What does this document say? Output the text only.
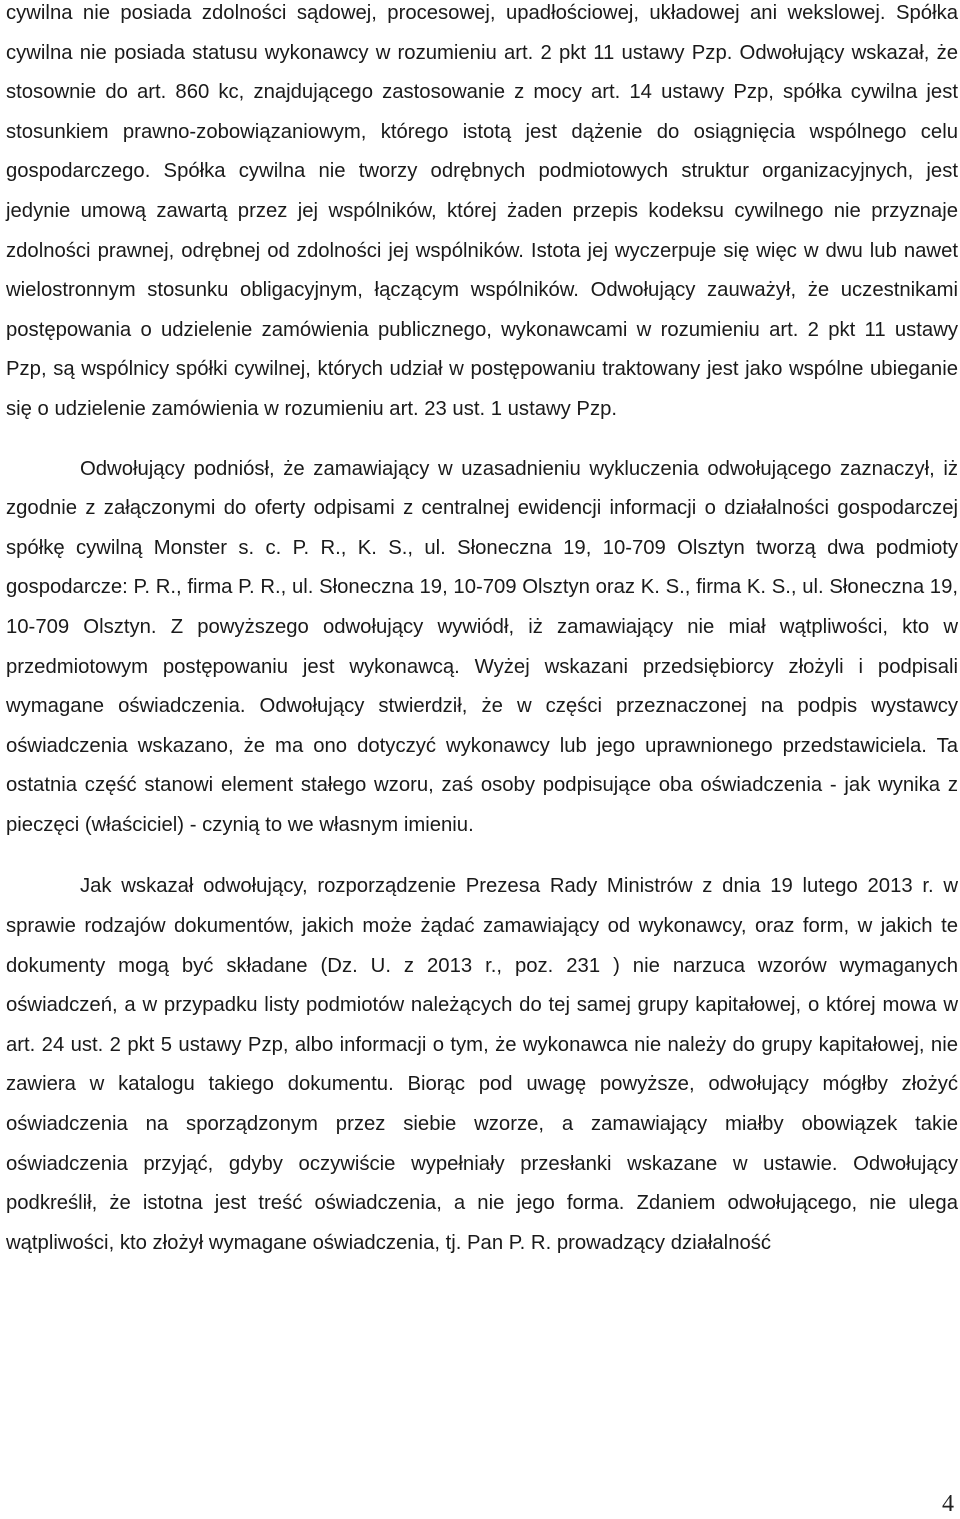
cywilna nie posiada zdolności sądowej, procesowej, upadłościowej, układowej ani wekslowej. Spółka cywilna nie posiada statusu wykonawcy w rozumieniu art. 2 pkt 11 ustawy Pzp. Odwołujący wskazał, że stosownie do art. 860 kc, znajdującego zastosowanie z mocy art. 14 ustawy Pzp, spółka cywilna jest stosunkiem prawno-zobowiązaniowym, którego istotą jest dążenie do osiągnięcia wspólnego celu gospodarczego. Spółka cywilna nie tworzy odrębnych podmiotowych struktur organizacyjnych, jest jedynie umową zawartą przez jej wspólników, której żaden przepis kodeksu cywilnego nie przyznaje zdolności prawnej, odrębnej od zdolności jej wspólników. Istota jej wyczerpuje się więc w dwu lub nawet wielostronnym stosunku obligacyjnym, łączącym wspólników. Odwołujący zauważył, że uczestnikami postępowania o udzielenie zamówienia publicznego, wykonawcami w rozumieniu art. 2 pkt 11 ustawy Pzp, są wspólnicy spółki cywilnej, których udział w postępowaniu traktowany jest jako wspólne ubieganie się o udzielenie zamówienia w rozumieniu art. 23 ust. 1 ustawy Pzp.

Odwołujący podniósł, że zamawiający w uzasadnieniu wykluczenia odwołującego zaznaczył, iż zgodnie z załączonymi do oferty odpisami z centralnej ewidencji informacji o działalności gospodarczej spółkę cywilną Monster s. c. P. R., K. S., ul. Słoneczna 19, 10-709 Olsztyn tworzą dwa podmioty gospodarcze: P. R., firma P. R., ul. Słoneczna 19, 10-709 Olsztyn oraz K. S., firma K. S., ul. Słoneczna 19, 10-709 Olsztyn. Z powyższego odwołujący wywiódł, iż zamawiający nie miał wątpliwości, kto w przedmiotowym postępowaniu jest wykonawcą. Wyżej wskazani przedsiębiorcy złożyli i podpisali wymagane oświadczenia. Odwołujący stwierdził, że w części przeznaczonej na podpis wystawcy oświadczenia wskazano, że ma ono dotyczyć wykonawcy lub jego uprawnionego przedstawiciela. Ta ostatnia część stanowi element stałego wzoru, zaś osoby podpisujące oba oświadczenia - jak wynika z pieczęci (właściciel) - czynią to we własnym imieniu.

Jak wskazał odwołujący, rozporządzenie Prezesa Rady Ministrów z dnia 19 lutego 2013 r. w sprawie rodzajów dokumentów, jakich może żądać zamawiający od wykonawcy, oraz form, w jakich te dokumenty mogą być składane (Dz. U. z 2013 r., poz. 231 ) nie narzuca wzorów wymaganych oświadczeń, a w przypadku listy podmiotów należących do tej samej grupy kapitałowej, o której mowa w art. 24 ust. 2 pkt 5 ustawy Pzp, albo informacji o tym, że wykonawca nie należy do grupy kapitałowej, nie zawiera w katalogu takiego dokumentu. Biorąc pod uwagę powyższe, odwołujący mógłby złożyć oświadczenia na sporządzonym przez siebie wzorze, a zamawiający miałby obowiązek takie oświadczenia przyjąć, gdyby oczywiście wypełniały przesłanki wskazane w ustawie. Odwołujący podkreślił, że istotna jest treść oświadczenia, a nie jego forma. Zdaniem odwołującego, nie ulega wątpliwości, kto złożył wymagane oświadczenia, tj. Pan P. R. prowadzący działalność

4
